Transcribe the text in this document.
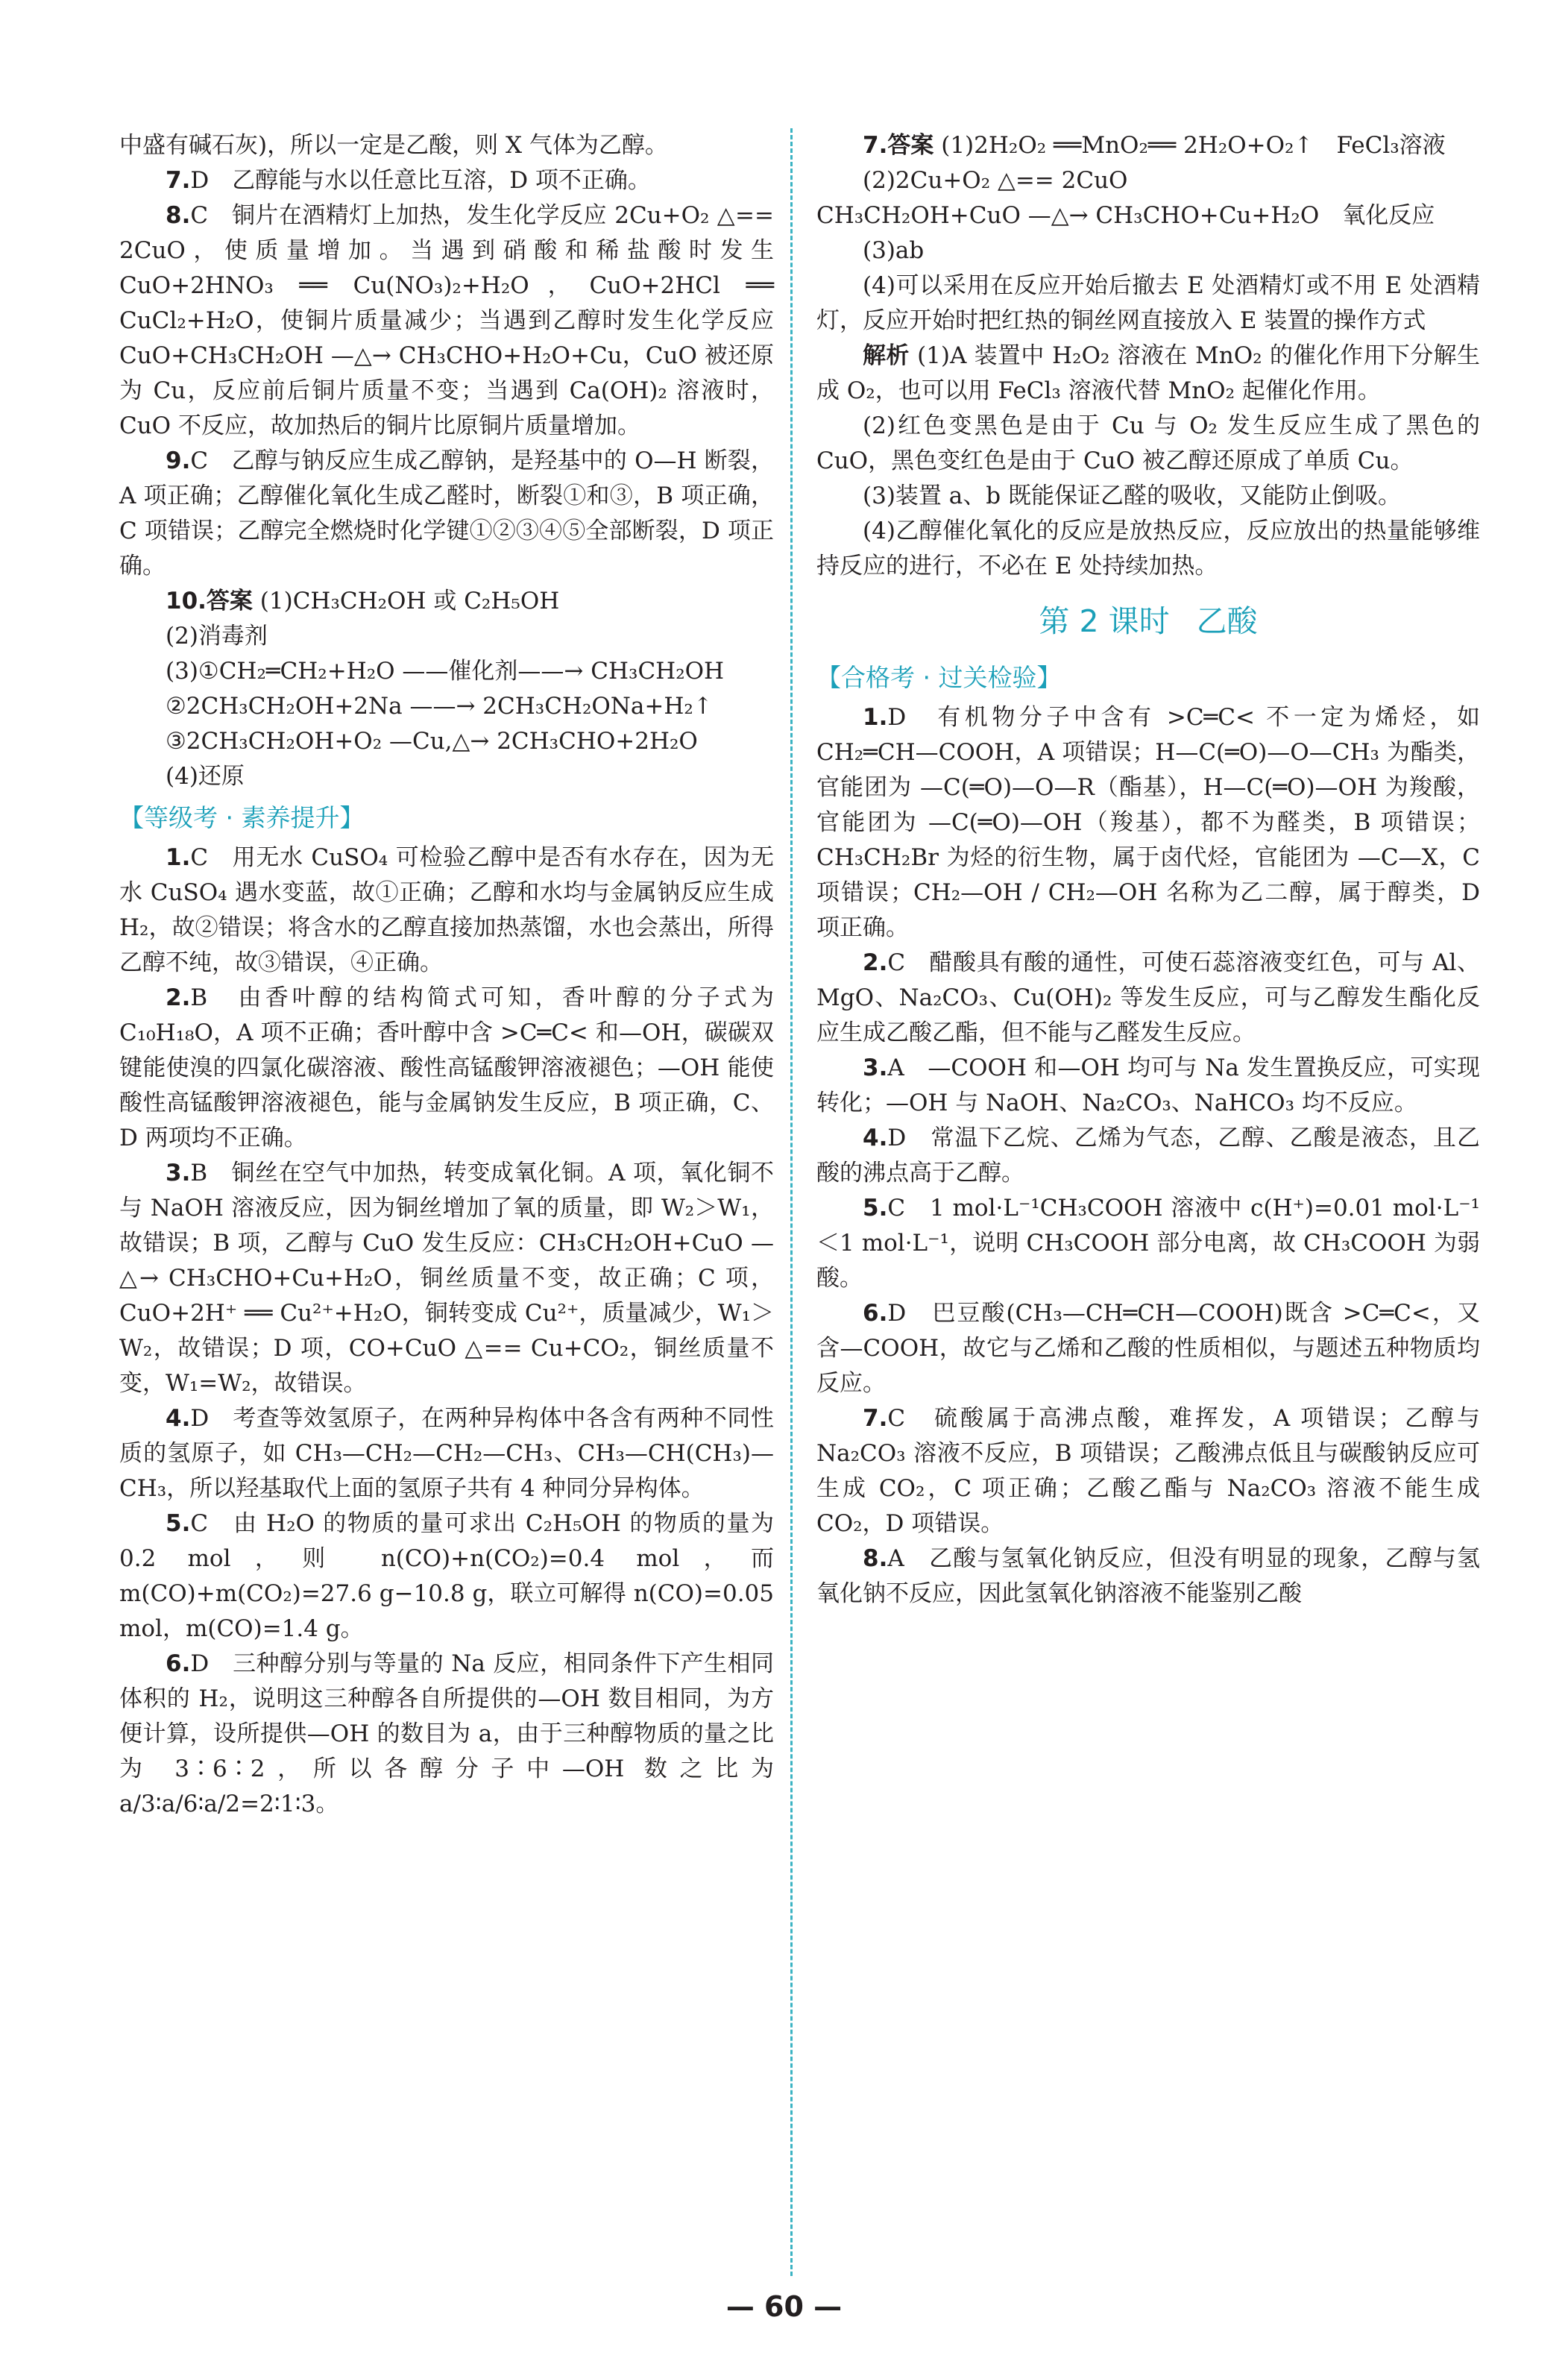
中盛有碱石灰)，所以一定是乙酸，则 X 气体为乙醇。

7.D　乙醇能与水以任意比互溶，D 项不正确。

8.C　铜片在酒精灯上加热，发生化学反应 2Cu+O₂ △== 2CuO，使质量增加。当遇到硝酸和稀盐酸时发生 CuO+2HNO₃ ══ Cu(NO₃)₂+H₂O，CuO+2HCl ══ CuCl₂+H₂O，使铜片质量减少；当遇到乙醇时发生化学反应 CuO+CH₃CH₂OH —△→ CH₃CHO+H₂O+Cu，CuO 被还原为 Cu，反应前后铜片质量不变；当遇到 Ca(OH)₂ 溶液时，CuO 不反应，故加热后的铜片比原铜片质量增加。

9.C　乙醇与钠反应生成乙醇钠，是羟基中的 O—H 断裂，A 项正确；乙醇催化氧化生成乙醛时，断裂①和③，B 项正确，C 项错误；乙醇完全燃烧时化学键①②③④⑤全部断裂，D 项正确。

10.答案 (1)CH₃CH₂OH 或 C₂H₅OH

(2)消毒剂

(3)①CH₂═CH₂+H₂O ——催化剂——→ CH₃CH₂OH

②2CH₃CH₂OH+2Na ——→ 2CH₃CH₂ONa+H₂↑

③2CH₃CH₂OH+O₂ —Cu,△→ 2CH₃CHO+2H₂O

(4)还原

【等级考 · 素养提升】

1.C　用无水 CuSO₄ 可检验乙醇中是否有水存在，因为无水 CuSO₄ 遇水变蓝，故①正确；乙醇和水均与金属钠反应生成 H₂，故②错误；将含水的乙醇直接加热蒸馏，水也会蒸出，所得乙醇不纯，故③错误，④正确。

2.B　由香叶醇的结构简式可知，香叶醇的分子式为 C₁₀H₁₈O，A 项不正确；香叶醇中含 >C═C< 和—OH，碳碳双键能使溴的四氯化碳溶液、酸性高锰酸钾溶液褪色；—OH 能使酸性高锰酸钾溶液褪色，能与金属钠发生反应，B 项正确，C、D 两项均不正确。

3.B　铜丝在空气中加热，转变成氧化铜。A 项，氧化铜不与 NaOH 溶液反应，因为铜丝增加了氧的质量，即 W₂＞W₁，故错误；B 项，乙醇与 CuO 发生反应：CH₃CH₂OH+CuO —△→ CH₃CHO+Cu+H₂O，铜丝质量不变，故正确；C 项，CuO+2H⁺ ══ Cu²⁺+H₂O，铜转变成 Cu²⁺，质量减少，W₁＞W₂，故错误；D 项，CO+CuO △== Cu+CO₂，铜丝质量不变，W₁=W₂，故错误。

4.D　考查等效氢原子，在两种异构体中各含有两种不同性质的氢原子，如 CH₃—CH₂—CH₂—CH₃、CH₃—CH(CH₃)—CH₃，所以羟基取代上面的氢原子共有 4 种同分异构体。

5.C　由 H₂O 的物质的量可求出 C₂H₅OH 的物质的量为 0.2 mol，则 n(CO)+n(CO₂)=0.4 mol，而 m(CO)+m(CO₂)=27.6 g−10.8 g，联立可解得 n(CO)=0.05 mol，m(CO)=1.4 g。

6.D　三种醇分别与等量的 Na 反应，相同条件下产生相同体积的 H₂，说明这三种醇各自所提供的—OH 数目相同，为方便计算，设所提供—OH 的数目为 a，由于三种醇物质的量之比为 3∶6∶2，所以各醇分子中—OH 数之比为 a/3∶a/6∶a/2=2∶1∶3。

7.答案 (1)2H₂O₂ ══MnO₂══ 2H₂O+O₂↑　FeCl₃溶液

(2)2Cu+O₂ △== 2CuO

CH₃CH₂OH+CuO —△→ CH₃CHO+Cu+H₂O　氧化反应

(3)ab

(4)可以采用在反应开始后撤去 E 处酒精灯或不用 E 处酒精灯，反应开始时把红热的铜丝网直接放入 E 装置的操作方式

解析 (1)A 装置中 H₂O₂ 溶液在 MnO₂ 的催化作用下分解生成 O₂，也可以用 FeCl₃ 溶液代替 MnO₂ 起催化作用。

(2)红色变黑色是由于 Cu 与 O₂ 发生反应生成了黑色的 CuO，黑色变红色是由于 CuO 被乙醇还原成了单质 Cu。

(3)装置 a、b 既能保证乙醛的吸收，又能防止倒吸。

(4)乙醇催化氧化的反应是放热反应，反应放出的热量能够维持反应的进行，不必在 E 处持续加热。

第 2 课时 乙酸
【合格考 · 过关检验】

1.D　有机物分子中含有 >C═C< 不一定为烯烃，如 CH₂═CH—COOH，A 项错误；H—C(═O)—O—CH₃ 为酯类，官能团为 —C(═O)—O—R（酯基），H—C(═O)—OH 为羧酸，官能团为 —C(═O)—OH（羧基），都不为醛类，B 项错误；CH₃CH₂Br 为烃的衍生物，属于卤代烃，官能团为 —C—X，C 项错误；CH₂—OH / CH₂—OH 名称为乙二醇，属于醇类，D 项正确。

2.C　醋酸具有酸的通性，可使石蕊溶液变红色，可与 Al、MgO、Na₂CO₃、Cu(OH)₂ 等发生反应，可与乙醇发生酯化反应生成乙酸乙酯，但不能与乙醛发生反应。

3.A　—COOH 和—OH 均可与 Na 发生置换反应，可实现转化；—OH 与 NaOH、Na₂CO₃、NaHCO₃ 均不反应。

4.D　常温下乙烷、乙烯为气态，乙醇、乙酸是液态，且乙酸的沸点高于乙醇。

5.C　1 mol·L⁻¹CH₃COOH 溶液中 c(H⁺)=0.01 mol·L⁻¹＜1 mol·L⁻¹，说明 CH₃COOH 部分电离，故 CH₃COOH 为弱酸。

6.D　巴豆酸(CH₃—CH═CH—COOH)既含 >C═C<，又含—COOH，故它与乙烯和乙酸的性质相似，与题述五种物质均反应。

7.C　硫酸属于高沸点酸，难挥发，A 项错误；乙醇与 Na₂CO₃ 溶液不反应，B 项错误；乙酸沸点低且与碳酸钠反应可生成 CO₂，C 项正确；乙酸乙酯与 Na₂CO₃ 溶液不能生成 CO₂，D 项错误。

8.A　乙酸与氢氧化钠反应，但没有明显的现象，乙醇与氢氧化钠不反应，因此氢氧化钠溶液不能鉴别乙酸

— 60 —
